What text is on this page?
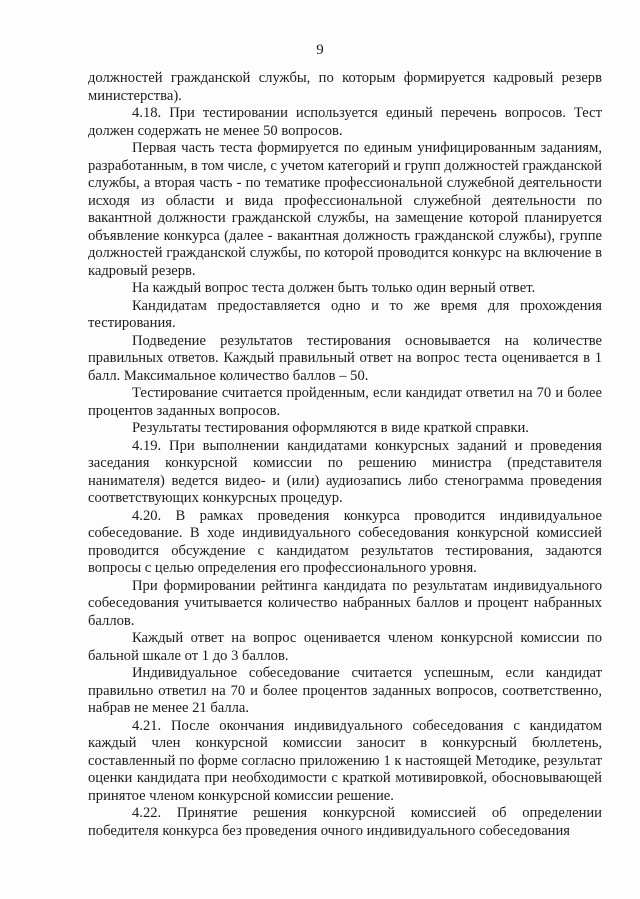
9

должностей гражданской службы, по которым формируется кадровый резерв министерства).

4.18. При тестировании используется единый перечень вопросов. Тест должен содержать не менее 50 вопросов.

Первая часть теста формируется по единым унифицированным заданиям, разработанным, в том числе, с учетом категорий и групп должностей гражданской службы, а вторая часть - по тематике профессиональной служебной деятельности исходя из области и вида профессиональной служебной деятельности по вакантной должности гражданской службы, на замещение которой планируется объявление конкурса (далее - вакантная должность гражданской службы), группе должностей гражданской службы, по которой проводится конкурс на включение в кадровый резерв.

На каждый вопрос теста должен быть только один верный ответ.

Кандидатам предоставляется одно и то же время для прохождения тестирования.

Подведение результатов тестирования основывается на количестве правильных ответов. Каждый правильный ответ на вопрос теста оценивается в 1 балл. Максимальное количество баллов – 50.

Тестирование считается пройденным, если кандидат ответил на 70 и более процентов заданных вопросов.

Результаты тестирования оформляются в виде краткой справки.

4.19. При выполнении кандидатами конкурсных заданий и проведения заседания конкурсной комиссии по решению министра (представителя нанимателя) ведется видео- и (или) аудиозапись либо стенограмма проведения соответствующих конкурсных процедур.

4.20. В рамках проведения конкурса проводится индивидуальное собеседование. В ходе индивидуального собеседования конкурсной комиссией проводится обсуждение с кандидатом результатов тестирования, задаются вопросы с целью определения его профессионального уровня.

При формировании рейтинга кандидата по результатам индивидуального собеседования учитывается количество набранных баллов и процент набранных баллов.

Каждый ответ на вопрос оценивается членом конкурсной комиссии по бальной шкале от 1 до 3 баллов.

Индивидуальное собеседование считается успешным, если кандидат правильно ответил на 70 и более процентов заданных вопросов, соответственно, набрав не менее 21 балла.

4.21. После окончания индивидуального собеседования с кандидатом каждый член конкурсной комиссии заносит в конкурсный бюллетень, составленный по форме согласно приложению 1 к настоящей Методике, результат оценки кандидата при необходимости с краткой мотивировкой, обосновывающей принятое членом конкурсной комиссии решение.

4.22. Принятие решения конкурсной комиссией об определении победителя конкурса без проведения очного индивидуального собеседования
